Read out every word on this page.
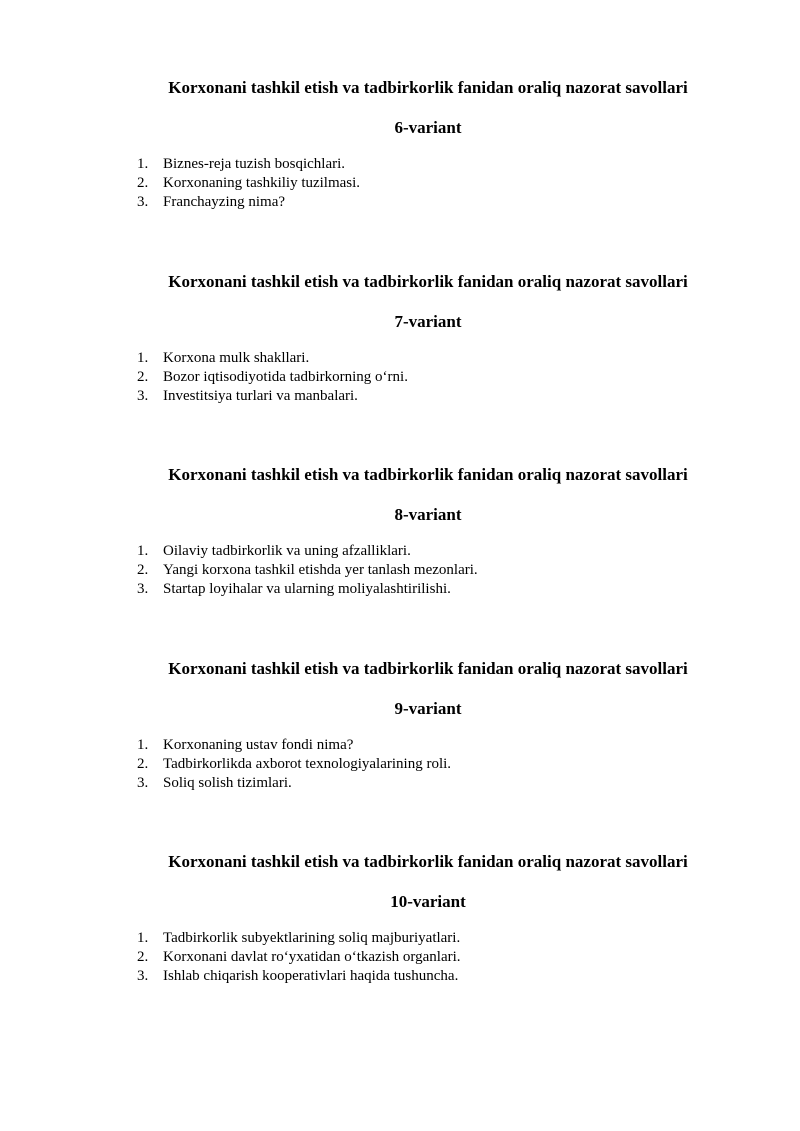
Korxonani tashkil etish va tadbirkorlik fanidan oraliq nazorat savollari
6-variant
1. Biznes-reja tuzish bosqichlari.
2. Korxonaning tashkiliy tuzilmasi.
3. Franchayzing nima?
Korxonani tashkil etish va tadbirkorlik fanidan oraliq nazorat savollari
7-variant
1. Korxona mulk shakllari.
2. Bozor iqtisodiyotida tadbirkorning o‘rni.
3. Investitsiya turlari va manbalari.
Korxonani tashkil etish va tadbirkorlik fanidan oraliq nazorat savollari
8-variant
1. Oilaviy tadbirkorlik va uning afzalliklari.
2. Yangi korxona tashkil etishda yer tanlash mezonlari.
3. Startap loyihalar va ularning moliyalashtirilishi.
Korxonani tashkil etish va tadbirkorlik fanidan oraliq nazorat savollari
9-variant
1. Korxonaning ustav fondi nima?
2. Tadbirkorlikda axborot texnologiyalarining roli.
3. Soliq solish tizimlari.
Korxonani tashkil etish va tadbirkorlik fanidan oraliq nazorat savollari
10-variant
1. Tadbirkorlik subyektlarining soliq majburiyatlari.
2. Korxonani davlat ro‘yxatidan o‘tkazish organlari.
3. Ishlab chiqarish kooperativlari haqida tushuncha.
